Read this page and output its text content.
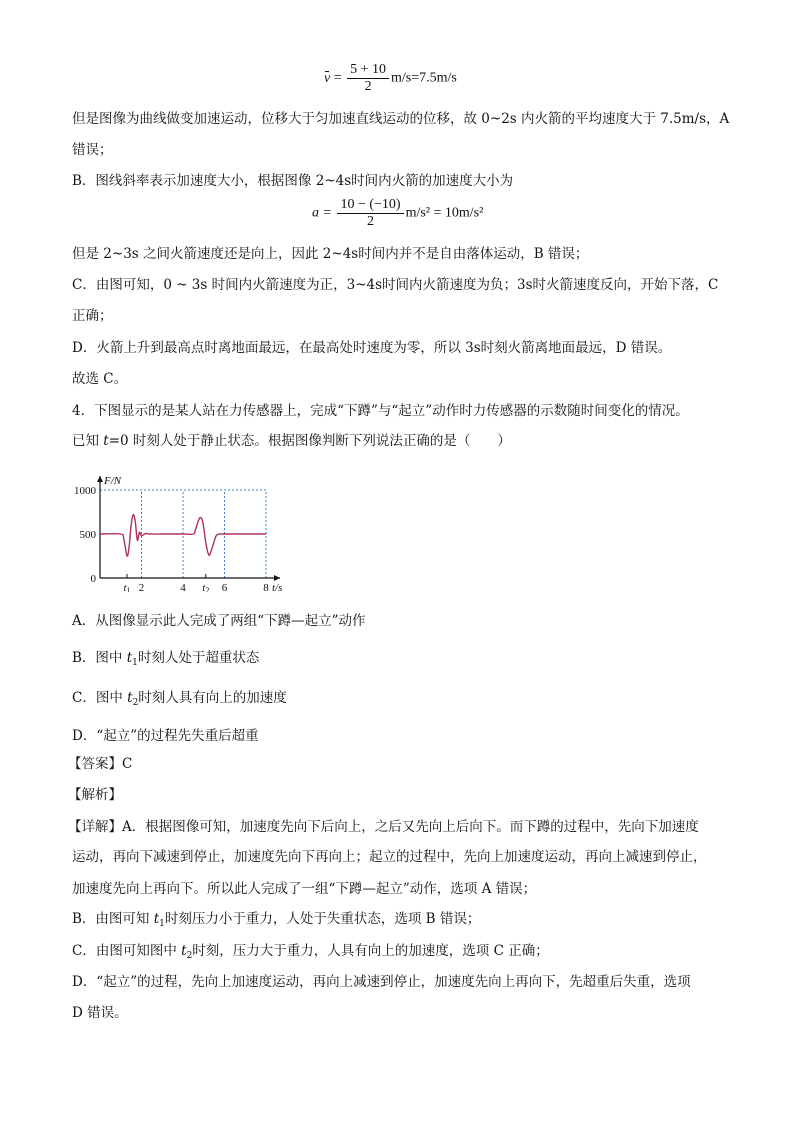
$v = \frac{5 + 10}{2} m/s=7.5m/s$
但是图像为曲线做变加速运动，位移大于匀加速直线运动的位移，故 0~2s 内火箭的平均速度大于 7.5m/s，A
错误；
B．图线斜率表示加速度大小，根据图像 2~4s时间内火箭的加速度大小为
$a = \frac{10 - (-10)}{2} m/s^2 = 10m/s^2$
但是 2~3s 之间火箭速度还是向上，因此 2~4s时间内并不是自由落体运动，B 错误；
C．由图可知，0 ~ 3s 时间内火箭速度为正，3~4s时间内火箭速度为负；3s时火箭速度反向，开始下落，C
正确；
D．火箭上升到最高点时离地面最远，在最高处时速度为零，所以 3s时刻火箭离地面最远，D 错误。
故选 C。
4．下图显示的是某人站在力传感器上，完成“下蹲”与“起立”动作时力传感器的示数随时间变化的情况。
已知 t=0 时刻人处于静止状态。根据图像判断下列说法正确的是（　　）
0
500
1000
t1 2	4 t2 6	8
F/N
t/s
A．从图像显示此人完成了两组“下蹲—起立”动作
B．图中 $t_1$时刻人处于超重状态
C．图中 $t_2$时刻人具有向上的加速度
D．“起立”的过程先失重后超重
【答案】C
【解析】
【详解】A．根据图像可知，加速度先向下后向上，之后又先向上后向下。而下蹲的过程中，先向下加速度
运动，再向下减速到停止，加速度先向下再向上；起立的过程中，先向上加速度运动，再向上减速到停止，
加速度先向上再向下。所以此人完成了一组“下蹲—起立”动作，选项 A 错误；
B．由图可知 $t_1$时刻压力小于重力，人处于失重状态，选项 B 错误；
C．由图可知图中 $t_2$时刻，压力大于重力，人具有向上的加速度，选项 C 正确；
D．“起立”的过程，先向上加速度运动，再向上减速到停止，加速度先向上再向下，先超重后失重，选项
D 错误。
